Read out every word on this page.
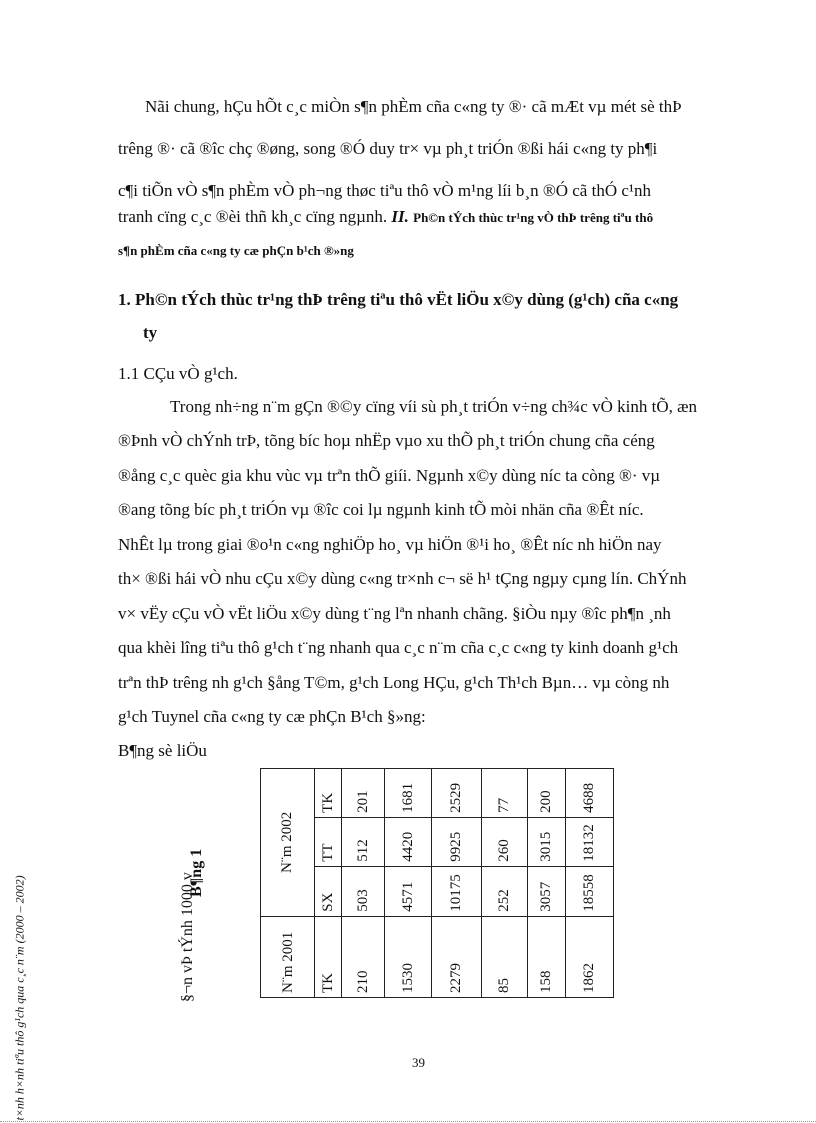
Nãi chung, hÇu hÕt c¸c miÒn s¶n phÈm cña c«ng ty ®· cã mÆt vµ mét sè thÞ

trêng ®· cã ®îc chç ®øng, song ®Ó duy tr× vµ ph¸t triÓn ®ßi hái c«ng ty ph¶i

c¶i tiÕn vÒ s¶n phÈm vÒ ph¬ng thøc tiªu thô vÒ m¹ng líi b¸n ®Ó cã thÓ c¹nh

tranh cïng c¸c ®èi thñ kh¸c cïng ngµnh. II. Ph©n tÝch thùc tr¹ng vÒ thÞ trêng tiªu thô

s¶n phÈm cña c«ng ty cæ phÇn b¹ch ®»ng

1. Ph©n tÝch thùc tr¹ng thÞ trêng tiªu thô vËt liÖu x©y dùng (g¹ch) cña c«ng

ty

1.1 CÇu vÒ g¹ch.

Trong nh÷ng n¨m gÇn ®©y cïng víi sù ph¸t triÓn v÷ng ch¾c vÒ kinh tÕ, æn

®Þnh vÒ chÝnh trÞ, tõng bíc hoµ nhËp vµo xu thÕ ph¸t triÓn chung cña céng

®ång c¸c quèc gia khu vùc vµ trªn thÕ giíi. Ngµnh x©y dùng níc ta còng ®· vµ

®ang tõng bíc ph¸t triÓn vµ ®îc coi lµ ngµnh kinh tÕ mòi nhän cña ®Êt níc.

NhÊt lµ trong giai ®o¹n c«ng nghiÖp ho¸ vµ hiÖn ®¹i ho¸ ®Êt níc nh hiÖn nay

th× ®ßi hái vÒ nhu cÇu x©y dùng c«ng tr×nh c¬ së h¹ tÇng ngµy cµng lín. ChÝnh

v× vËy cÇu vÒ vËt liÖu x©y dùng t¨ng lªn nhanh chãng. §iÒu nµy ®îc ph¶n ¸nh

qua khèi lîng tiªu thô g¹ch t¨ng nhanh qua c¸c n¨m cña c¸c c«ng ty kinh doanh g¹ch

trªn thÞ trêng nh g¹ch §ång T©m, g¹ch Long HÇu, g¹ch Th¹ch Bµn… vµ còng nh

g¹ch Tuynel cña c«ng ty cæ phÇn B¹ch §»ng:

B¶ng sè liÖu

t×nh h×nh tiªu thô g¹ch qua c¸c n¨m (2000 – 2002)	§¬n vÞ tÝnh 1000 v
B¶ng 1
N¨m 2001	N¨m 2002		
TK	SX	TT	TK
210	503	512	201
1530	4571	4420	1681
2279	10175	9925	2529
85	252	260	77
158	3057	3015	200
1862	18558	18132	4688
39
